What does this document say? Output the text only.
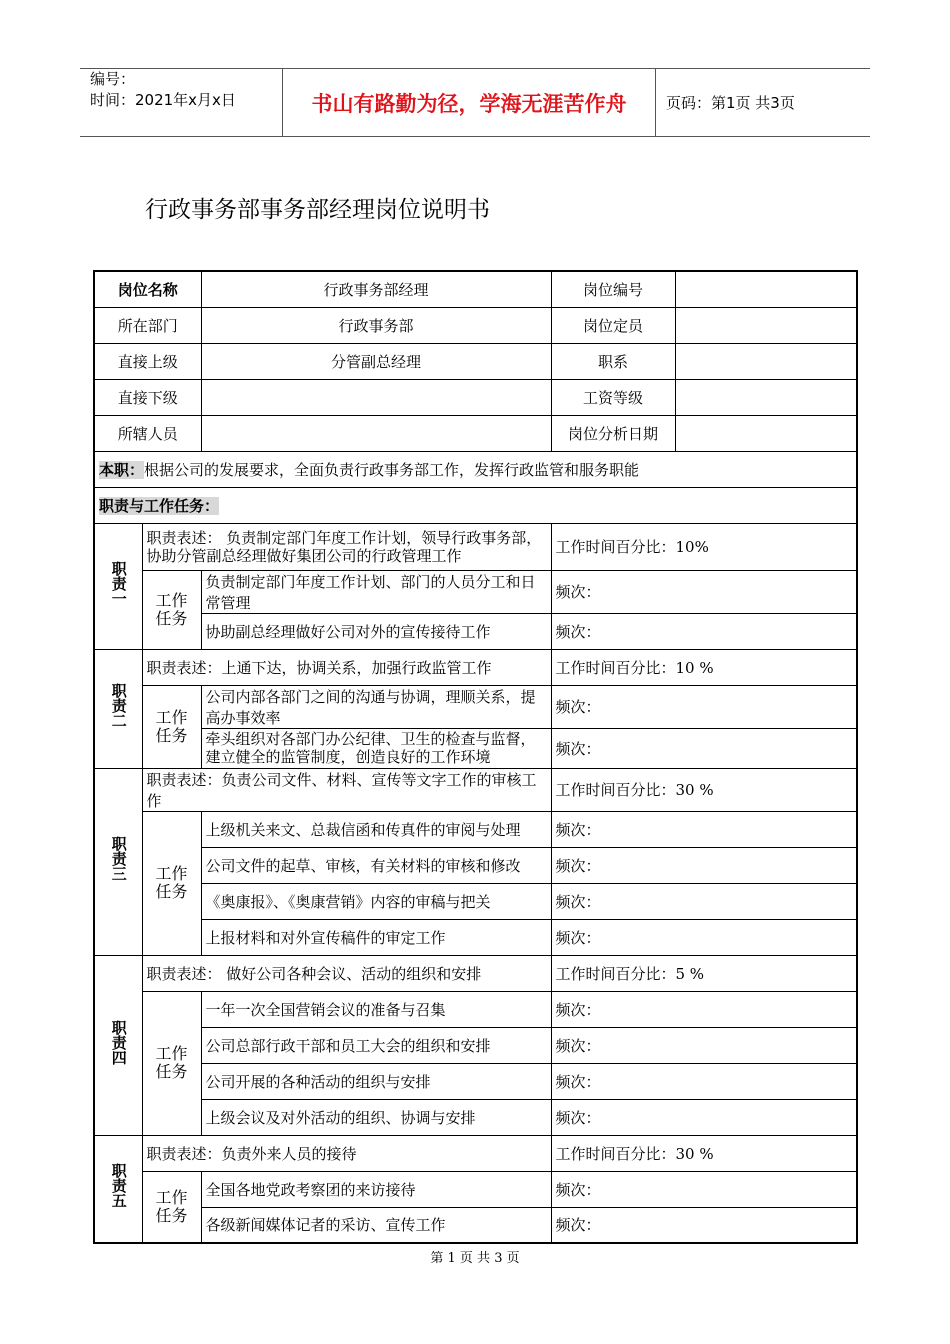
编号：
时间：2021年x月x日	书山有路勤为径，学海无涯苦作舟	页码：第1页 共3页
行政事务部事务部经理岗位说明书
岗位名称		行政事务部经理	岗位编号	
所在部门		行政事务部	岗位定员	
直接上级		分管副总经理	职系	
直接下级			工资等级	
所辖人员			岗位分析日期	
本职：根据公司的发展要求，全面负责行政事务部工作，发挥行政监管和服务职能				
职责与工作任务：				
职责一	职责表述： 负责制定部门年度工作计划，领导行政事务部，协助分管副总经理做好集团公司的行政管理工作		工作时间百分比：10%	
	工作任务	负责制定部门年度工作计划、部门的人员分工和日常管理	频次：	
		协助副总经理做好公司对外的宣传接待工作	频次：	
职责二	职责表述：上通下达，协调关系，加强行政监管工作		工作时间百分比：10 %	
	工作任务	公司内部各部门之间的沟通与协调，理顺关系，提高办事效率	频次：	
		牵头组织对各部门办公纪律、卫生的检查与监督，建立健全的监管制度，创造良好的工作环境	频次：	
职责三	职责表述：负责公司文件、材料、宣传等文字工作的审核工作		工作时间百分比：30 %	
	工作任务	上级机关来文、总裁信函和传真件的审阅与处理	频次：	
		公司文件的起草、审核，有关材料的审核和修改	频次：	
		《奥康报》、《奥康营销》内容的审稿与把关	频次：	
		上报材料和对外宣传稿件的审定工作	频次：	
职责四	职责表述： 做好公司各种会议、活动的组织和安排		工作时间百分比：5 %	
	工作任务	一年一次全国营销会议的准备与召集	频次：	
		公司总部行政干部和员工大会的组织和安排	频次：	
		公司开展的各种活动的组织与安排	频次：	
		上级会议及对外活动的组织、协调与安排	频次：	
职责五	职责表述：负责外来人员的接待		工作时间百分比：30 %	
	工作任务	全国各地党政考察团的来访接待	频次：	
		各级新闻媒体记者的采访、宣传工作	频次：	
第 1 页 共 3 页
